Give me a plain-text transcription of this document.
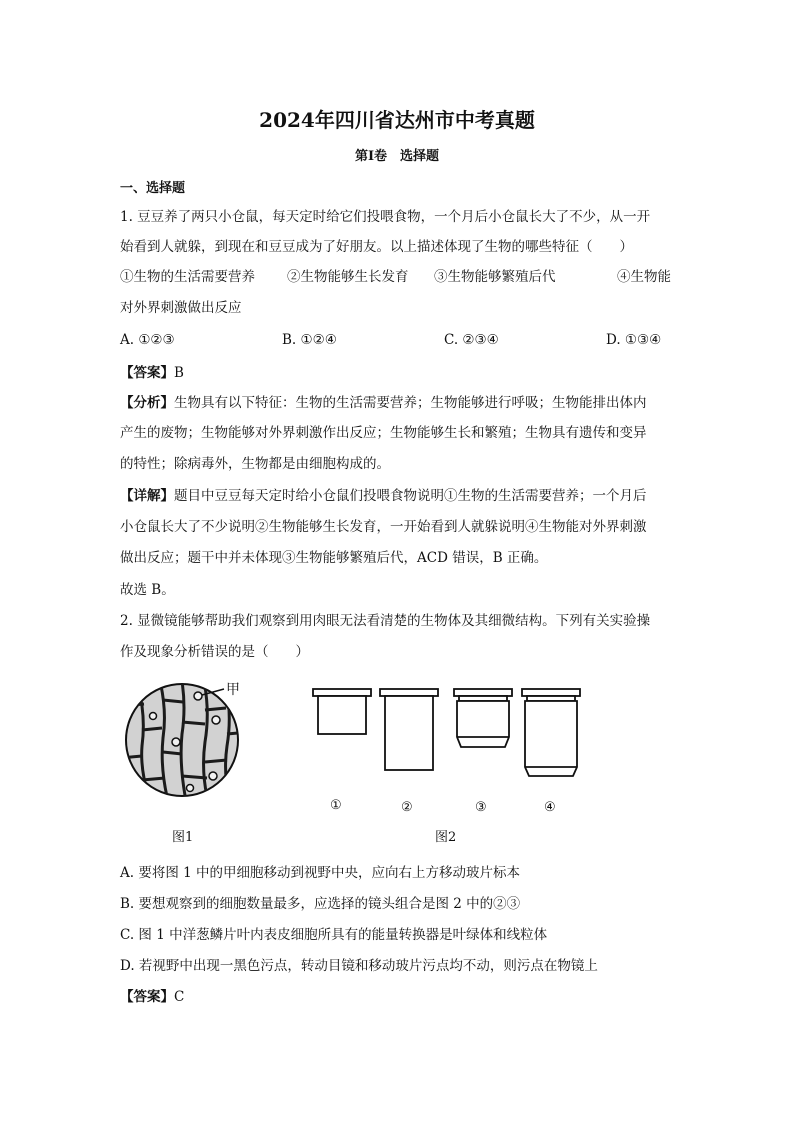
2024年四川省达州市中考真题
第I卷　选择题
一、选择题
1. 豆豆养了两只小仓鼠，每天定时给它们投喂食物，一个月后小仓鼠长大了不少，从一开
始看到人就躲，到现在和豆豆成为了好朋友。以上描述体现了生物的哪些特征（　　）
①生物的生活需要营养 ②生物能够生长发育 ③生物能够繁殖后代	④生物能
对外界刺激做出反应
A. ①②③	B. ①②④	C. ②③④	D. ①③④
【答案】B
【分析】生物具有以下特征：生物的生活需要营养；生物能够进行呼吸；生物能排出体内
产生的废物；生物能够对外界刺激作出反应；生物能够生长和繁殖；生物具有遗传和变异
的特性；除病毒外，生物都是由细胞构成的。
【详解】题目中豆豆每天定时给小仓鼠们投喂食物说明①生物的生活需要营养；一个月后
小仓鼠长大了不少说明②生物能够生长发育，一开始看到人就躲说明④生物能对外界刺激
做出反应；题干中并未体现③生物能够繁殖后代，ACD 错误，B 正确。
故选 B。
2. 显微镜能够帮助我们观察到用肉眼无法看清楚的生物体及其细微结构。下列有关实验操
作及现象分析错误的是（　　）
甲
图1
①	②	③	④
图2
A. 要将图 1 中的甲细胞移动到视野中央，应向右上方移动玻片标本
B. 要想观察到的细胞数量最多，应选择的镜头组合是图 2 中的②③
C. 图 1 中洋葱鳞片叶内表皮细胞所具有的能量转换器是叶绿体和线粒体
D. 若视野中出现一黑色污点，转动目镜和移动玻片污点均不动，则污点在物镜上
【答案】C
